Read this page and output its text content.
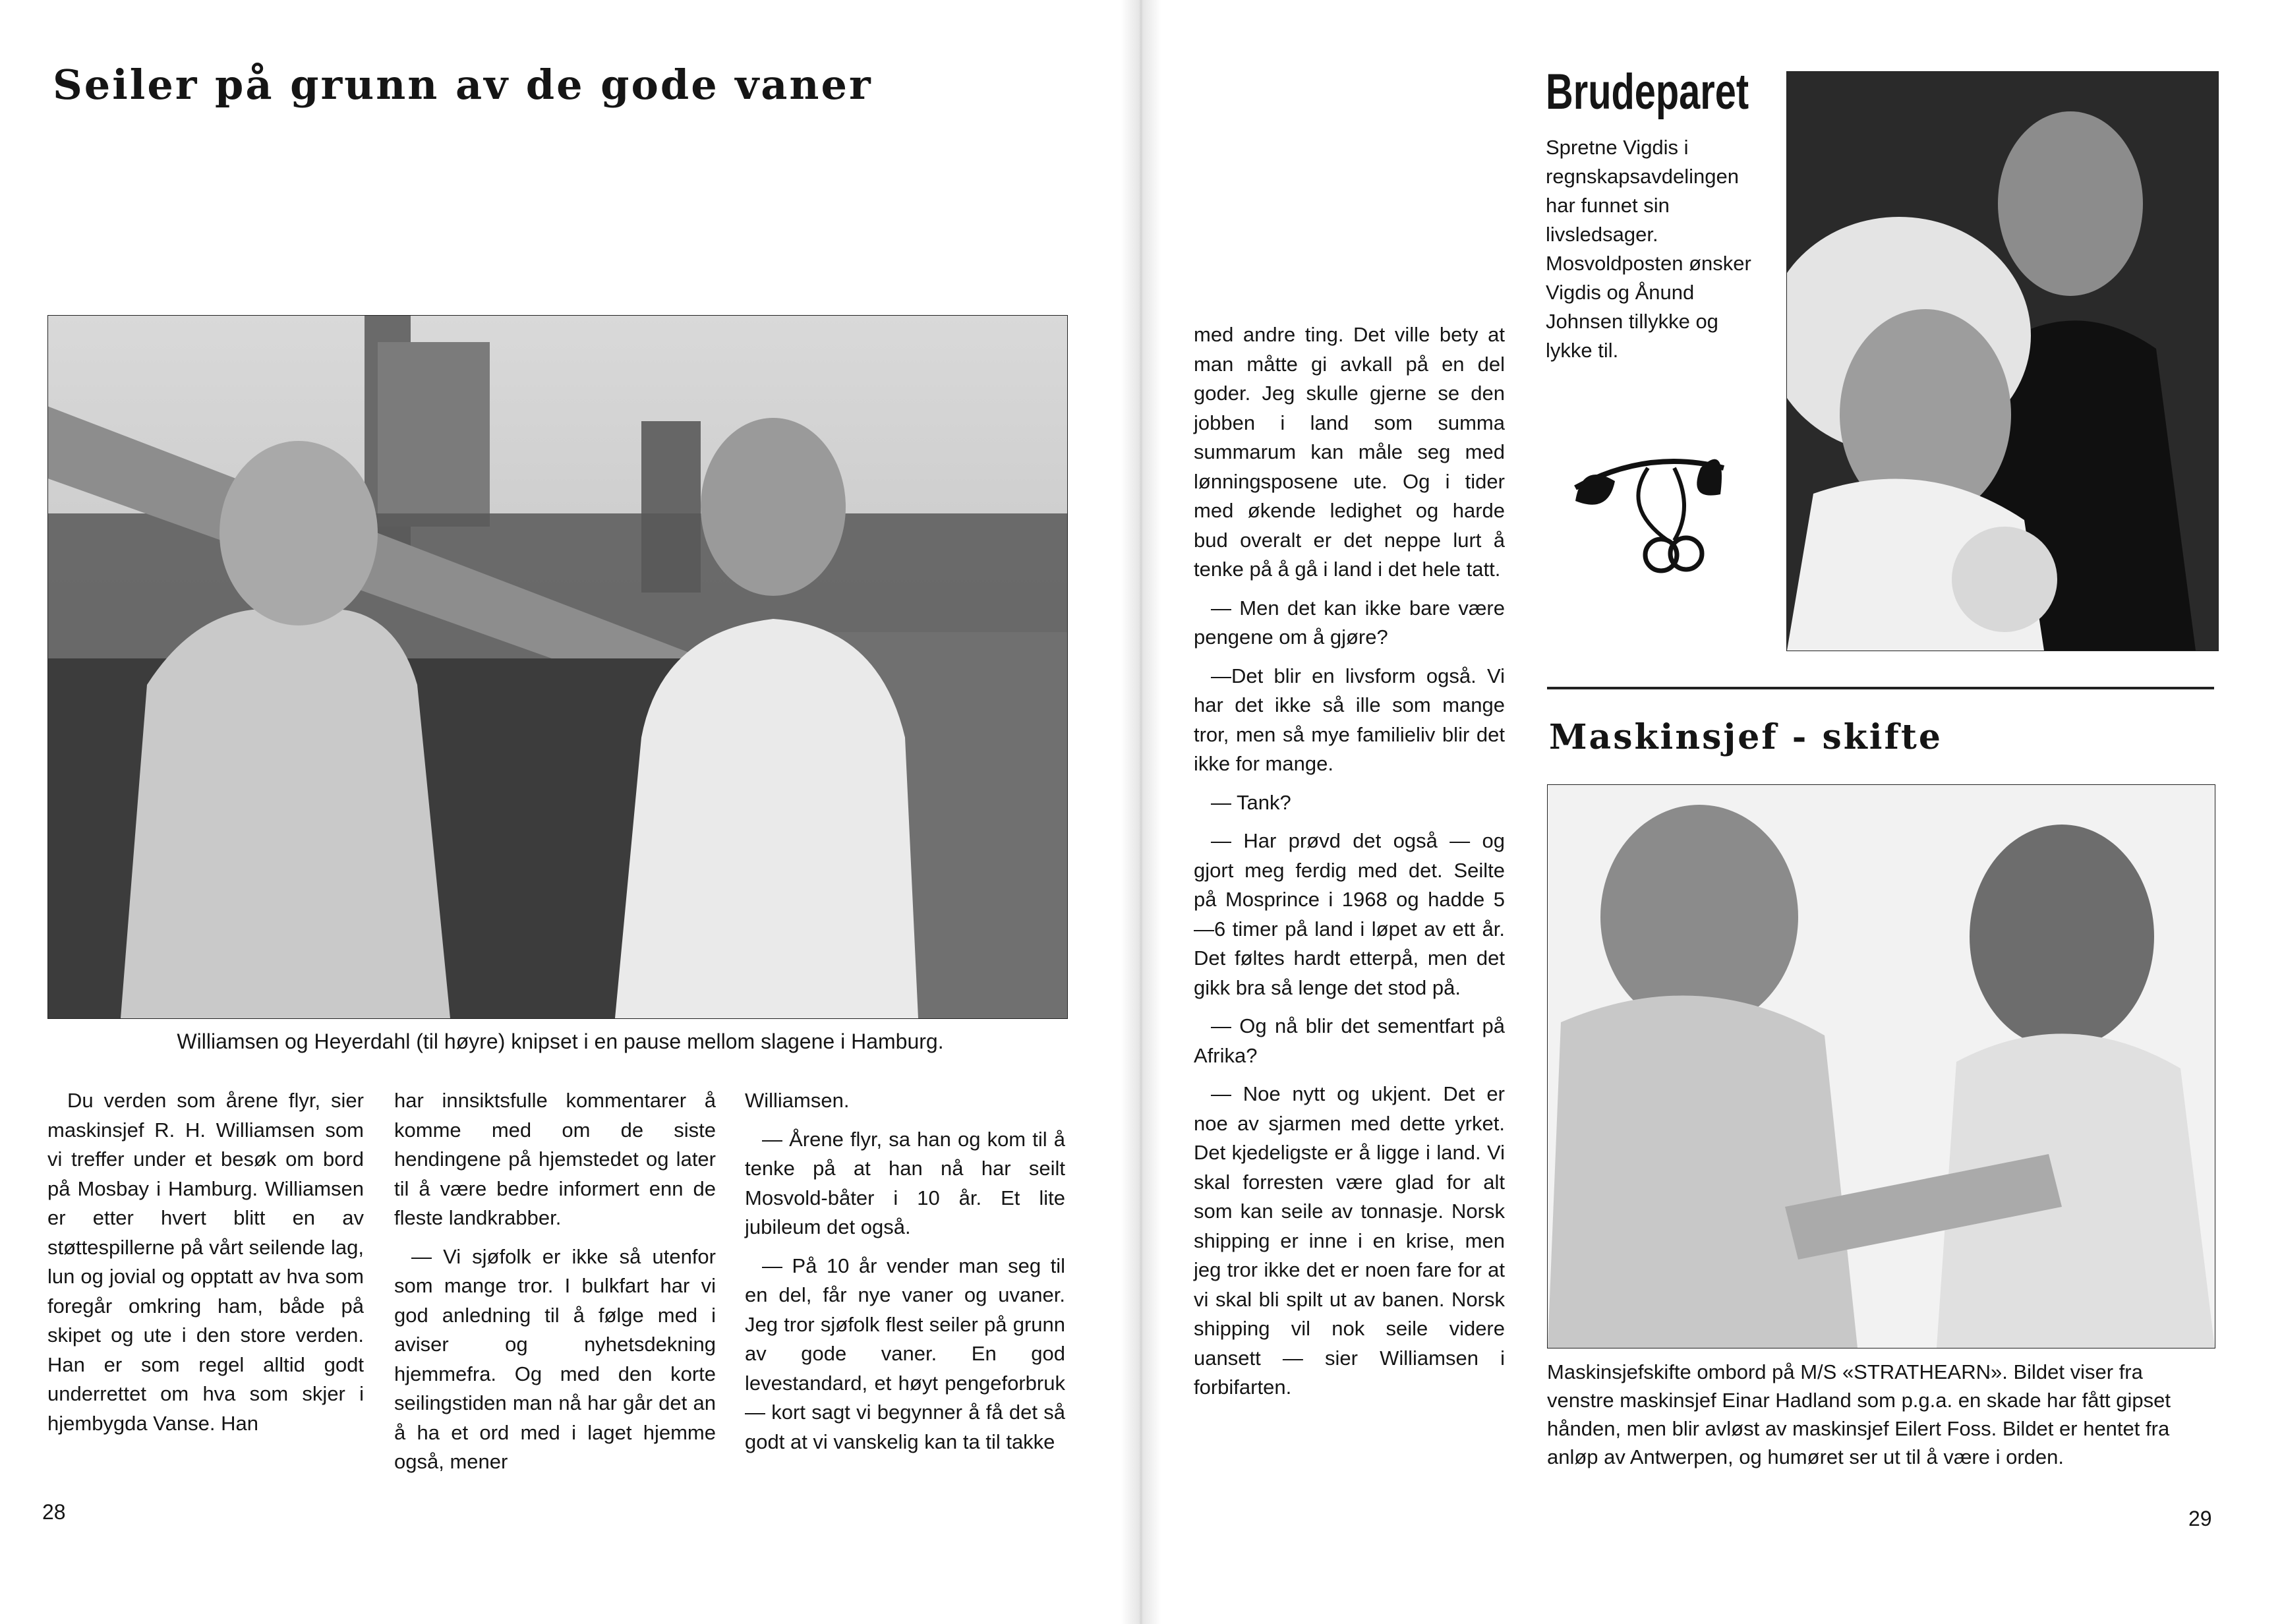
Seiler på grunn av de gode vaner
Williamsen og Heyerdahl (til høyre) knipset i en pause mellom slagene i Hamburg.

Du verden som årene flyr, sier maskinsjef R. H. Williamsen som vi treffer under et besøk om bord på Mosbay i Hamburg. Williamsen er etter hvert blitt en av støttespillerne på vårt seilende lag, lun og jovial og opptatt av hva som foregår omkring ham, både på skipet og ute i den store verden. Han er som regel alltid godt underrettet om hva som skjer i hjembygda Vanse. Han

har innsiktsfulle kommentarer å komme med om de siste hendingene på hjemstedet og later til å være bedre informert enn de fleste landkrabber.

— Vi sjøfolk er ikke så utenfor som mange tror. I bulkfart har vi god anledning til å følge med i aviser og nyhetsdekning hjemmefra. Og med den korte seilingstiden man nå har går det an å ha et ord med i laget hjemme også, mener

Williamsen.

— Årene flyr, sa han og kom til å tenke på at han nå har seilt Mosvold-båter i 10 år. Et lite jubileum det også.

— På 10 år vender man seg til en del, får nye vaner og uvaner. Jeg tror sjøfolk flest seiler på grunn av gode vaner. En god levestandard, et høyt pengeforbruk — kort sagt vi begynner å få det så godt at vi vanskelig kan ta til takke

28

med andre ting. Det ville bety at man måtte gi avkall på en del goder. Jeg skulle gjerne se den jobben i land som summa summarum kan måle seg med lønningsposene ute. Og i tider med økende ledighet og harde bud overalt er det neppe lurt å tenke på å gå i land i det hele tatt.

— Men det kan ikke bare være pengene om å gjøre?

—Det blir en livsform også. Vi har det ikke så ille som mange tror, men så mye familieliv blir det ikke for mange.

— Tank?

— Har prøvd det også — og gjort meg ferdig med det. Seilte på Mosprince i 1968 og hadde 5—6 timer på land i løpet av ett år. Det føltes hardt etterpå, men det gikk bra så lenge det stod på.

— Og nå blir det sementfart på Afrika?

— Noe nytt og ukjent. Det er noe av sjarmen med dette yrket. Det kjedeligste er å ligge i land. Vi skal forresten være glad for alt som kan seile av tonnasje. Norsk shipping er inne i en krise, men jeg tror ikke det er noen fare for at vi skal bli spilt ut av banen. Norsk shipping vil nok seile videre uansett — sier Williamsen i forbifarten.

Brudeparet
Spretne Vigdis i regnskapsavdelingen har funnet sin livsledsager. Mosvoldposten ønsker Vigdis og Ånund Johnsen tillykke og lykke til.
Maskinsjef - skifte
Maskinsjefskifte ombord på M/S «STRATHEARN». Bildet viser fra venstre maskinsjef Einar Hadland som p.g.a. en skade har fått gipset hånden, men blir avløst av maskinsjef Eilert Foss. Bildet er hentet fra anløp av Antwerpen, og humøret ser ut til å være i orden.
29
